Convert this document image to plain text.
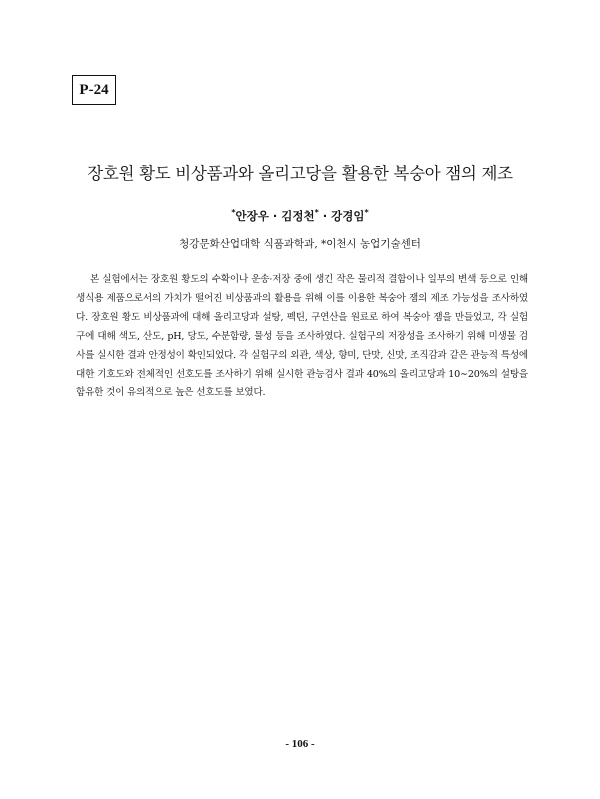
P-24
장호원 황도 비상품과와 올리고당을 활용한 복숭아 잼의 제조
*안장우 · 김정천* · 강경임*
청강문화산업대학 식품과학과, *이천시 농업기술센터

본 실험에서는 장호원 황도의 수확이나 운송·저장 중에 생긴 작은 물리적 결함이나 일부의 변색 등으로 인해 생식용 제품으로서의 가치가 떨어진 비상품과의 활용을 위해 이를 이용한 복숭아 잼의 제조 가능성을 조사하였다. 장호원 황도 비상품과에 대해 올리고당과 설탕, 펙틴, 구연산을 원료로 하여 복숭아 잼을 만들었고, 각 실험구에 대해 색도, 산도, pH, 당도, 수분함량, 물성 등을 조사하였다. 실험구의 저장성을 조사하기 위해 미생물 검사를 실시한 결과 안정성이 확인되었다. 각 실험구의 외관, 색상, 향미, 단맛, 신맛, 조직감과 같은 관능적 특성에 대한 기호도와 전체적인 선호도를 조사하기 위해 실시한 관능검사 결과 40%의 올리고당과 10∼20%의 설탕을 함유한 것이 유의적으로 높은 선호도를 보였다.

- 106 -
